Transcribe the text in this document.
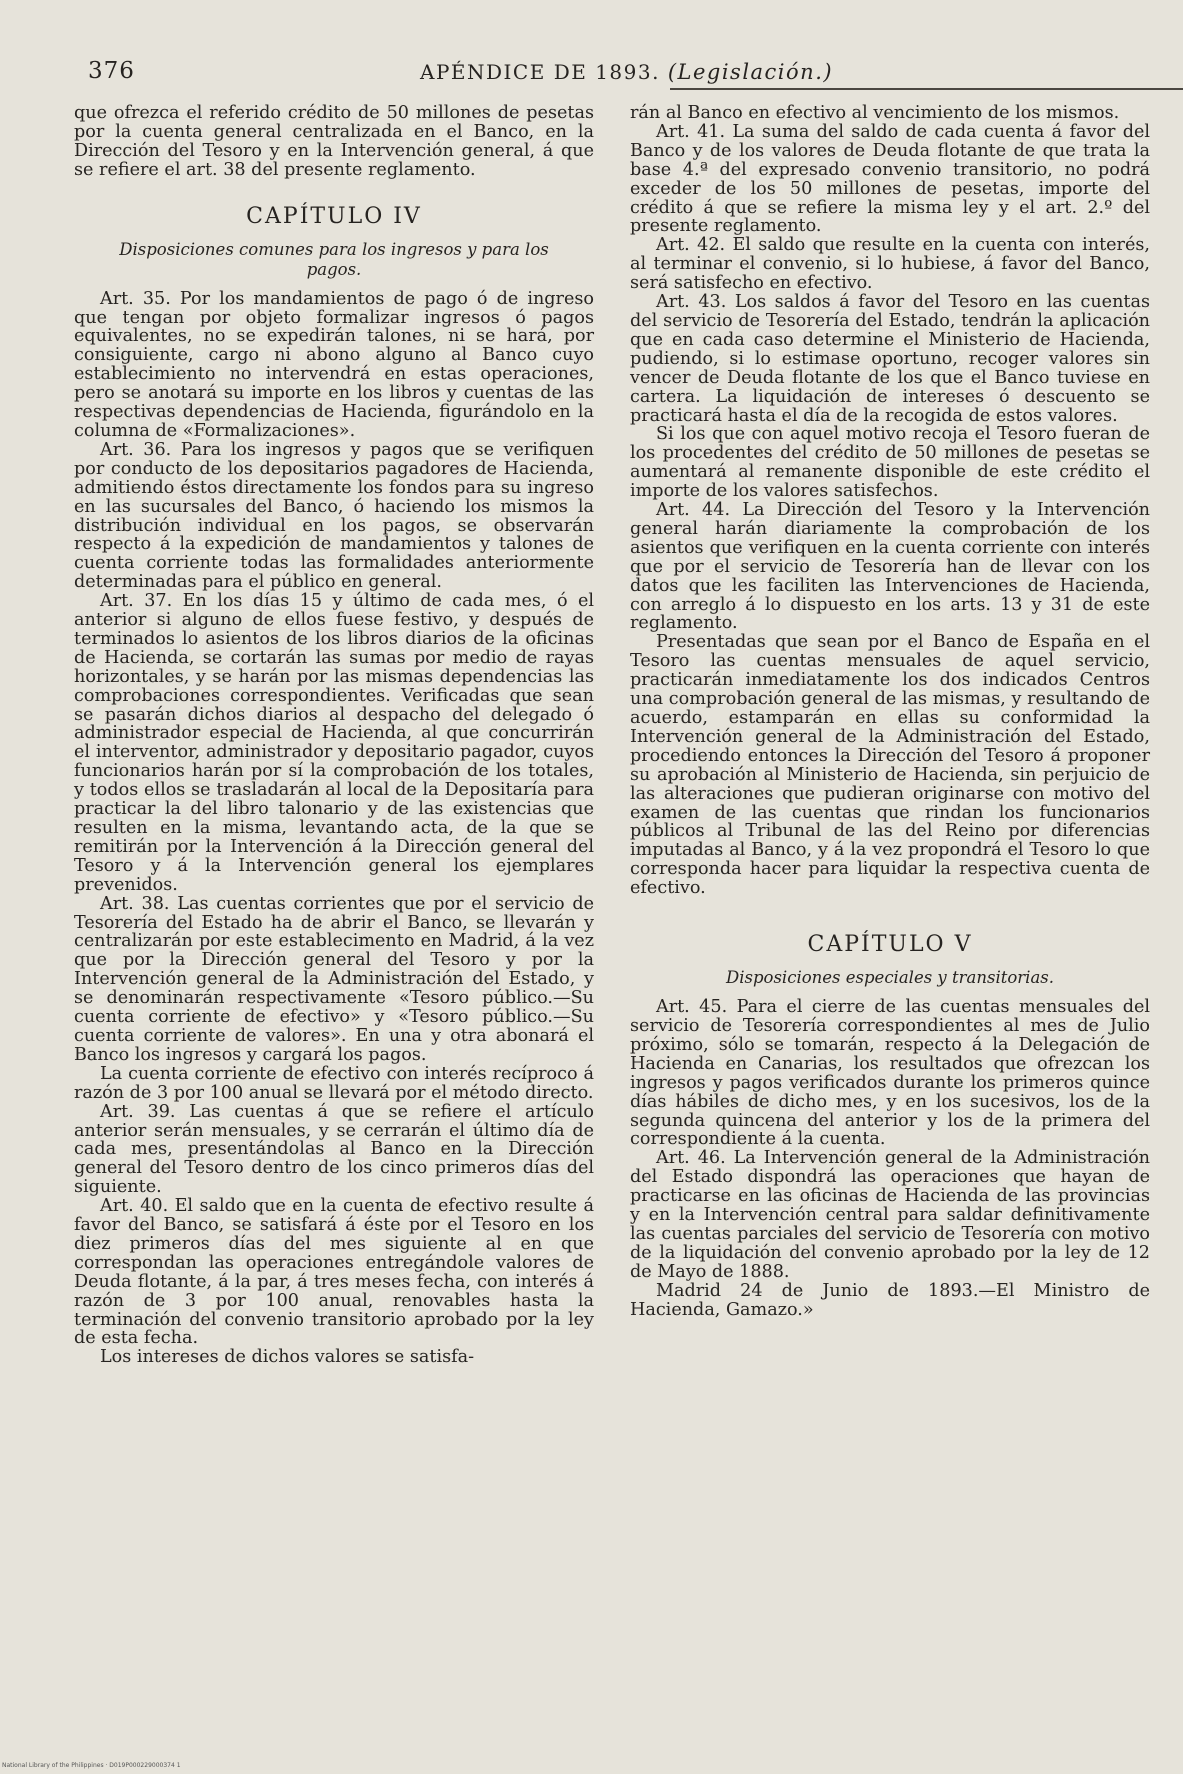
376	APÉNDICE DE 1893. (Legislación.)

que ofrezca el referido crédito de 50 millones de pesetas por la cuenta general centralizada en el Banco, en la Dirección del Tesoro y en la Intervención general, á que se refiere el art. 38 del presente reglamento.

CAPÍTULO IV
Disposiciones comunes para los ingresos y para los pagos.

Art. 35. Por los mandamientos de pago ó de ingreso que tengan por objeto formalizar ingresos ó pagos equivalentes, no se expedirán talones, ni se hará, por consiguiente, cargo ni abono alguno al Banco cuyo establecimiento no intervendrá en estas operaciones, pero se anotará su importe en los libros y cuentas de las respectivas dependencias de Hacienda, figurándolo en la columna de «Formalizaciones».

Art. 36. Para los ingresos y pagos que se verifiquen por conducto de los depositarios pagadores de Hacienda, admitiendo éstos directamente los fondos para su ingreso en las sucursales del Banco, ó haciendo los mismos la distribución individual en los pagos, se observarán respecto á la expedición de mandamientos y talones de cuenta corriente todas las formalidades anteriormente determinadas para el público en general.

Art. 37. En los días 15 y último de cada mes, ó el anterior si alguno de ellos fuese festivo, y después de terminados lo asientos de los libros diarios de la oficinas de Hacienda, se cortarán las sumas por medio de rayas horizontales, y se harán por las mismas dependencias las comprobaciones correspondientes. Verificadas que sean se pasarán dichos diarios al despacho del delegado ó administrador especial de Hacienda, al que concurrirán el interventor, administrador y depositario pagador, cuyos funcionarios harán por sí la comprobación de los totales, y todos ellos se trasladarán al local de la Depositaría para practicar la del libro talonario y de las existencias que resulten en la misma, levantando acta, de la que se remitirán por la Intervención á la Dirección general del Tesoro y á la Intervención general los ejemplares prevenidos.

Art. 38. Las cuentas corrientes que por el servicio de Tesorería del Estado ha de abrir el Banco, se llevarán y centralizarán por este establecimento en Madrid, á la vez que por la Dirección general del Tesoro y por la Intervención general de la Administración del Estado, y se denominarán respectivamente «Tesoro público.—Su cuenta corriente de efectivo» y «Tesoro público.—Su cuenta corriente de valores». En una y otra abonará el Banco los ingresos y cargará los pagos.

La cuenta corriente de efectivo con interés recíproco á razón de 3 por 100 anual se llevará por el método directo.

Art. 39. Las cuentas á que se refiere el artículo anterior serán mensuales, y se cerrarán el último día de cada mes, presentándolas al Banco en la Dirección general del Tesoro dentro de los cinco primeros días del siguiente.

Art. 40. El saldo que en la cuenta de efectivo resulte á favor del Banco, se satisfará á éste por el Tesoro en los diez primeros días del mes siguiente al en que correspondan las operaciones entregándole valores de Deuda flotante, á la par, á tres meses fecha, con interés á razón de 3 por 100 anual, renovables hasta la terminación del convenio transitorio aprobado por la ley de esta fecha.

Los intereses de dichos valores se satisfa-

rán al Banco en efectivo al vencimiento de los mismos.

Art. 41. La suma del saldo de cada cuenta á favor del Banco y de los valores de Deuda flotante de que trata la base 4.ª del expresado convenio transitorio, no podrá exceder de los 50 millones de pesetas, importe del crédito á que se refiere la misma ley y el art. 2.º del presente reglamento.

Art. 42. El saldo que resulte en la cuenta con interés, al terminar el convenio, si lo hubiese, á favor del Banco, será satisfecho en efectivo.

Art. 43. Los saldos á favor del Tesoro en las cuentas del servicio de Tesorería del Estado, tendrán la aplicación que en cada caso determine el Ministerio de Hacienda, pudiendo, si lo estimase oportuno, recoger valores sin vencer de Deuda flotante de los que el Banco tuviese en cartera. La liquidación de intereses ó descuento se practicará hasta el día de la recogida de estos valores.

Si los que con aquel motivo recoja el Tesoro fueran de los procedentes del crédito de 50 millones de pesetas se aumentará al remanente disponible de este crédito el importe de los valores satisfechos.

Art. 44. La Dirección del Tesoro y la Intervención general harán diariamente la comprobación de los asientos que verifiquen en la cuenta corriente con interés que por el servicio de Tesorería han de llevar con los datos que les faciliten las Intervenciones de Hacienda, con arreglo á lo dispuesto en los arts. 13 y 31 de este reglamento.

Presentadas que sean por el Banco de España en el Tesoro las cuentas mensuales de aquel servicio, practicarán inmediatamente los dos indicados Centros una comprobación general de las mismas, y resultando de acuerdo, estamparán en ellas su conformidad la Intervención general de la Administración del Estado, procediendo entonces la Dirección del Tesoro á proponer su aprobación al Ministerio de Hacienda, sin perjuicio de las alteraciones que pudieran originarse con motivo del examen de las cuentas que rindan los funcionarios públicos al Tribunal de las del Reino por diferencias imputadas al Banco, y á la vez propondrá el Tesoro lo que corresponda hacer para liquidar la respectiva cuenta de efectivo.

CAPÍTULO V
Disposiciones especiales y transitorias.

Art. 45. Para el cierre de las cuentas mensuales del servicio de Tesorería correspondientes al mes de Julio próximo, sólo se tomarán, respecto á la Delegación de Hacienda en Canarias, los resultados que ofrezcan los ingresos y pagos verificados durante los primeros quince días hábiles de dicho mes, y en los sucesivos, los de la segunda quincena del anterior y los de la primera del correspondiente á la cuenta.

Art. 46. La Intervención general de la Administración del Estado dispondrá las operaciones que hayan de practicarse en las oficinas de Hacienda de las provincias y en la Intervención central para saldar definitivamente las cuentas parciales del servicio de Tesorería con motivo de la liquidación del convenio aprobado por la ley de 12 de Mayo de 1888.

Madrid 24 de Junio de 1893.—El Ministro de Hacienda, Gamazo.»

National Library of the Philippines · D019P000229000374 1
